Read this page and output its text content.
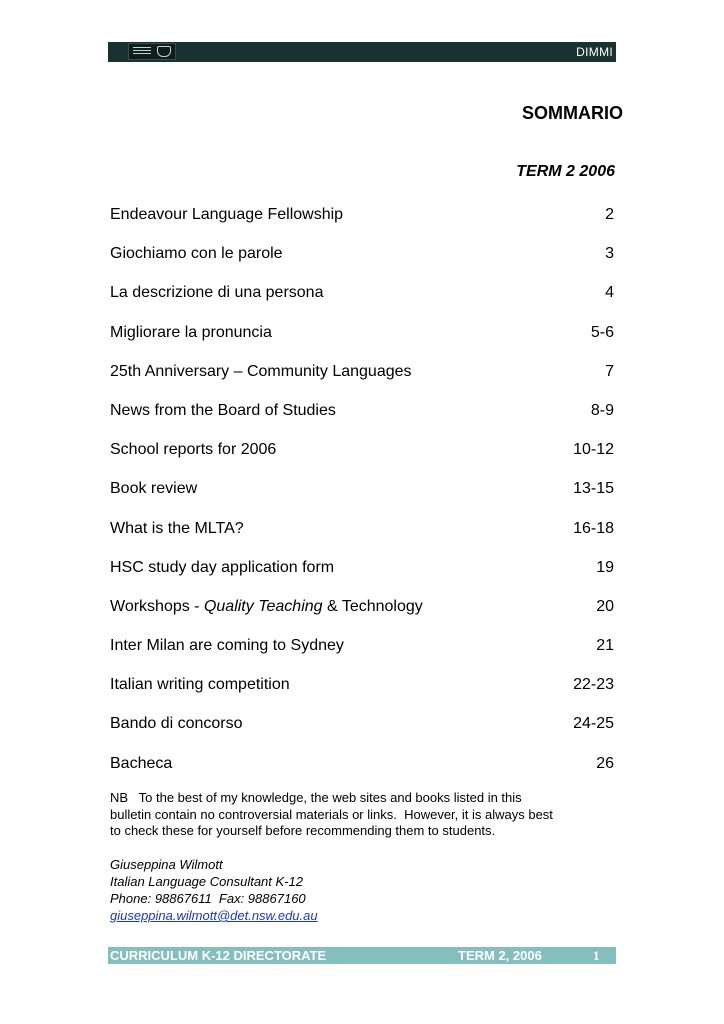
DIMMI
SOMMARIO
TERM 2 2006
Endeavour Language Fellowship	2
Giochiamo con le parole	3
La descrizione di una persona	4
Migliorare la pronuncia	5-6
25th Anniversary – Community Languages	7
News from the Board of Studies	8-9
School reports for 2006	10-12
Book review	13-15
What is the MLTA?	16-18
HSC study day application form	19
Workshops - Quality Teaching & Technology	20
Inter Milan are coming to Sydney	21
Italian writing competition	22-23
Bando di concorso	24-25
Bacheca	26
NB   To the best of my knowledge, the web sites and books listed in this
bulletin contain no controversial materials or links.  However, it is always best
to check these for yourself before recommending them to students.
Giuseppina Wilmott
Italian Language Consultant K-12
Phone: 98867611  Fax: 98867160
giuseppina.wilmott@det.nsw.edu.au
CURRICULUM K-12 DIRECTORATE	TERM 2, 2006	1
